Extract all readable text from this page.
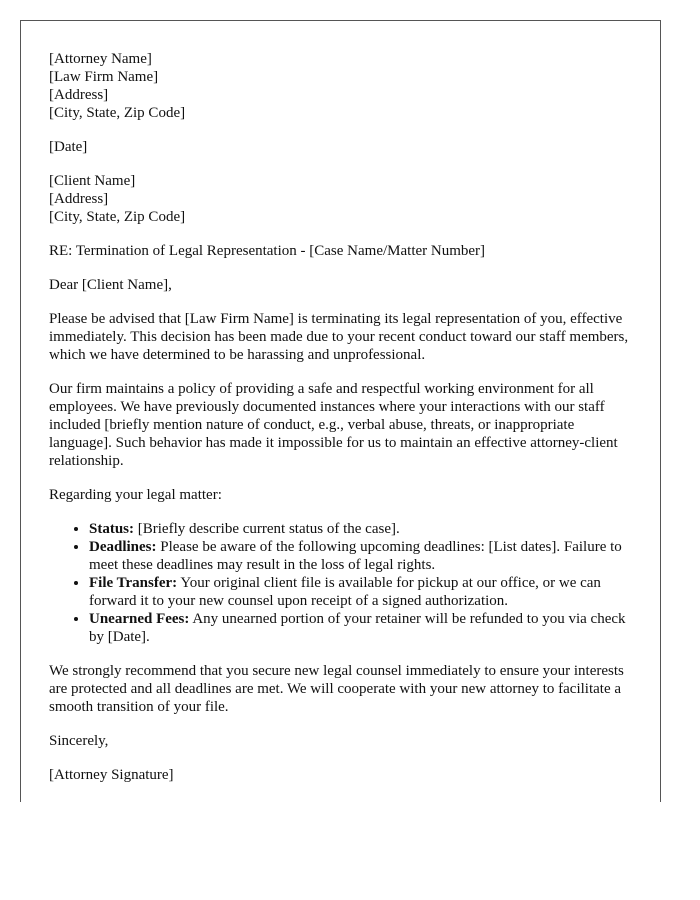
[Attorney Name]
[Law Firm Name]
[Address]
[City, State, Zip Code]

[Date]

[Client Name]
[Address]
[City, State, Zip Code]

RE: Termination of Legal Representation - [Case Name/Matter Number]

Dear [Client Name],

Please be advised that [Law Firm Name] is terminating its legal representation of you, effective immediately. This decision has been made due to your recent conduct toward our staff members, which we have determined to be harassing and unprofessional.

Our firm maintains a policy of providing a safe and respectful working environment for all employees. We have previously documented instances where your interactions with our staff included [briefly mention nature of conduct, e.g., verbal abuse, threats, or inappropriate language]. Such behavior has made it impossible for us to maintain an effective attorney-client relationship.

Regarding your legal matter:

• Status: [Briefly describe current status of the case].
• Deadlines: Please be aware of the following upcoming deadlines: [List dates]. Failure to meet these deadlines may result in the loss of legal rights.
• File Transfer: Your original client file is available for pickup at our office, or we can forward it to your new counsel upon receipt of a signed authorization.
• Unearned Fees: Any unearned portion of your retainer will be refunded to you via check by [Date].

We strongly recommend that you secure new legal counsel immediately to ensure your interests are protected and all deadlines are met. We will cooperate with your new attorney to facilitate a smooth transition of your file.

Sincerely,

[Attorney Signature]
